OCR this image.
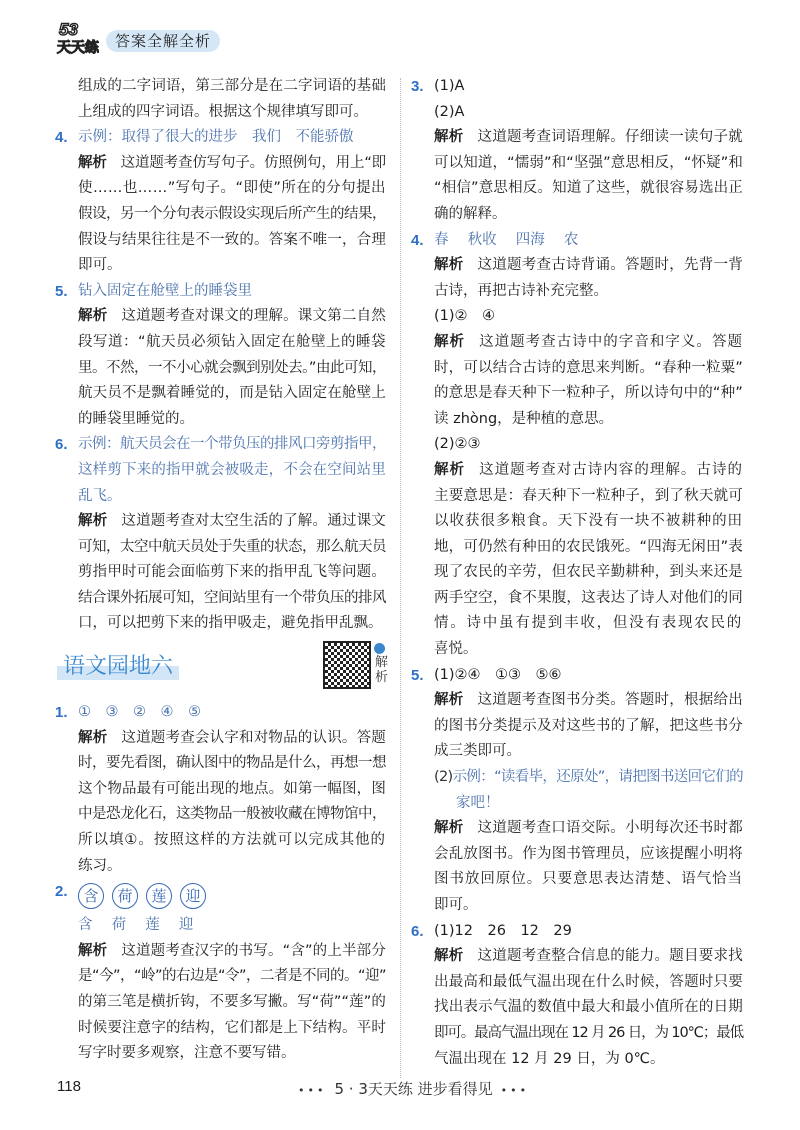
53
天天练	答案全解全析
组成的二字词语，第三部分是在二字词语的基础
上组成的四字词语。根据这个规律填写即可。
4. 示例：取得了很大的进步　我们　不能骄傲
解析 这道题考查仿写句子。仿照例句，用上“即
使……也……”写句子。“即使”所在的分句提出
假设，另一个分句表示假设实现后所产生的结果，
假设与结果往往是不一致的。答案不唯一，合理
即可。
5. 钻入固定在舱壁上的睡袋里
解析 这道题考查对课文的理解。课文第二自然
段写道：“航天员必须钻入固定在舱壁上的睡袋
里。不然，一不小心就会飘到别处去。”由此可知，
航天员不是飘着睡觉的，而是钻入固定在舱壁上
的睡袋里睡觉的。
6. 示例：航天员会在一个带负压的排风口旁剪指甲，
这样剪下来的指甲就会被吸走，不会在空间站里
乱飞。
解析 这道题考查对太空生活的了解。通过课文
可知，太空中航天员处于失重的状态，那么航天员
剪指甲时可能会面临剪下来的指甲乱飞等问题。
结合课外拓展可知，空间站里有一个带负压的排风
口，可以把剪下来的指甲吸走，避免指甲乱飘。
语文园地六	解析
1. ①　③　②　④　⑤
解析 这道题考查会认字和对物品的认识。答题
时，要先看图，确认图中的物品是什么，再想一想
这个物品最有可能出现的地点。如第一幅图，图
中是恐龙化石，这类物品一般被收藏在博物馆中，
所以填①。按照这样的方法就可以完成其他的
练习。
2.	含	荷	莲	迎
含　 荷　 莲　 迎
解析 这道题考查汉字的书写。“含”的上半部分
是“今”，“岭”的右边是“令”，二者是不同的。“迎”
的第三笔是横折钩，不要多写撇。写“荷”“莲”的
时候要注意字的结构，它们都是上下结构。平时
写字时要多观察，注意不要写错。
3. (1)A
(2)A
解析 这道题考查词语理解。仔细读一读句子就
可以知道，“懦弱”和“坚强”意思相反，“怀疑”和
“相信”意思相反。知道了这些，就很容易选出正
确的解释。
4. 春　 秋收　 四海　 农
解析 这道题考查古诗背诵。答题时，先背一背
古诗，再把古诗补充完整。
(1)②　④
解析 这道题考查古诗中的字音和字义。答题
时，可以结合古诗的意思来判断。“春种一粒粟”
的意思是春天种下一粒种子，所以诗句中的“种”
读 zhòng，是种植的意思。
(2)②③
解析 这道题考查对古诗内容的理解。古诗的
主要意思是：春天种下一粒种子，到了秋天就可
以收获很多粮食。天下没有一块不被耕种的田
地，可仍然有种田的农民饿死。“四海无闲田”表
现了农民的辛劳，但农民辛勤耕种，到头来还是
两手空空，食不果腹，这表达了诗人对他们的同
情。诗中虽有提到丰收，但没有表现农民的
喜悦。
5. (1)②④　①③　⑤⑥
解析 这道题考查图书分类。答题时，根据给出
的图书分类提示及对这些书的了解，把这些书分
成三类即可。
(2)示例：“读看毕，还原处”，请把图书送回它们的
家吧！
解析 这道题考查口语交际。小明每次还书时都
会乱放图书。作为图书管理员，应该提醒小明将
图书放回原位。只要意思表达清楚、语气恰当
即可。
6. (1)12　26　12　29
解析 这道题考查整合信息的能力。题目要求找
出最高和最低气温出现在什么时候，答题时只要
找出表示气温的数值中最大和最小值所在的日期
即可。最高气温出现在 12 月 26 日，为 10℃；最低
气温出现在 12 月 29 日，为 0℃。
118	••• 5 · 3天天练 进步看得见 •••
